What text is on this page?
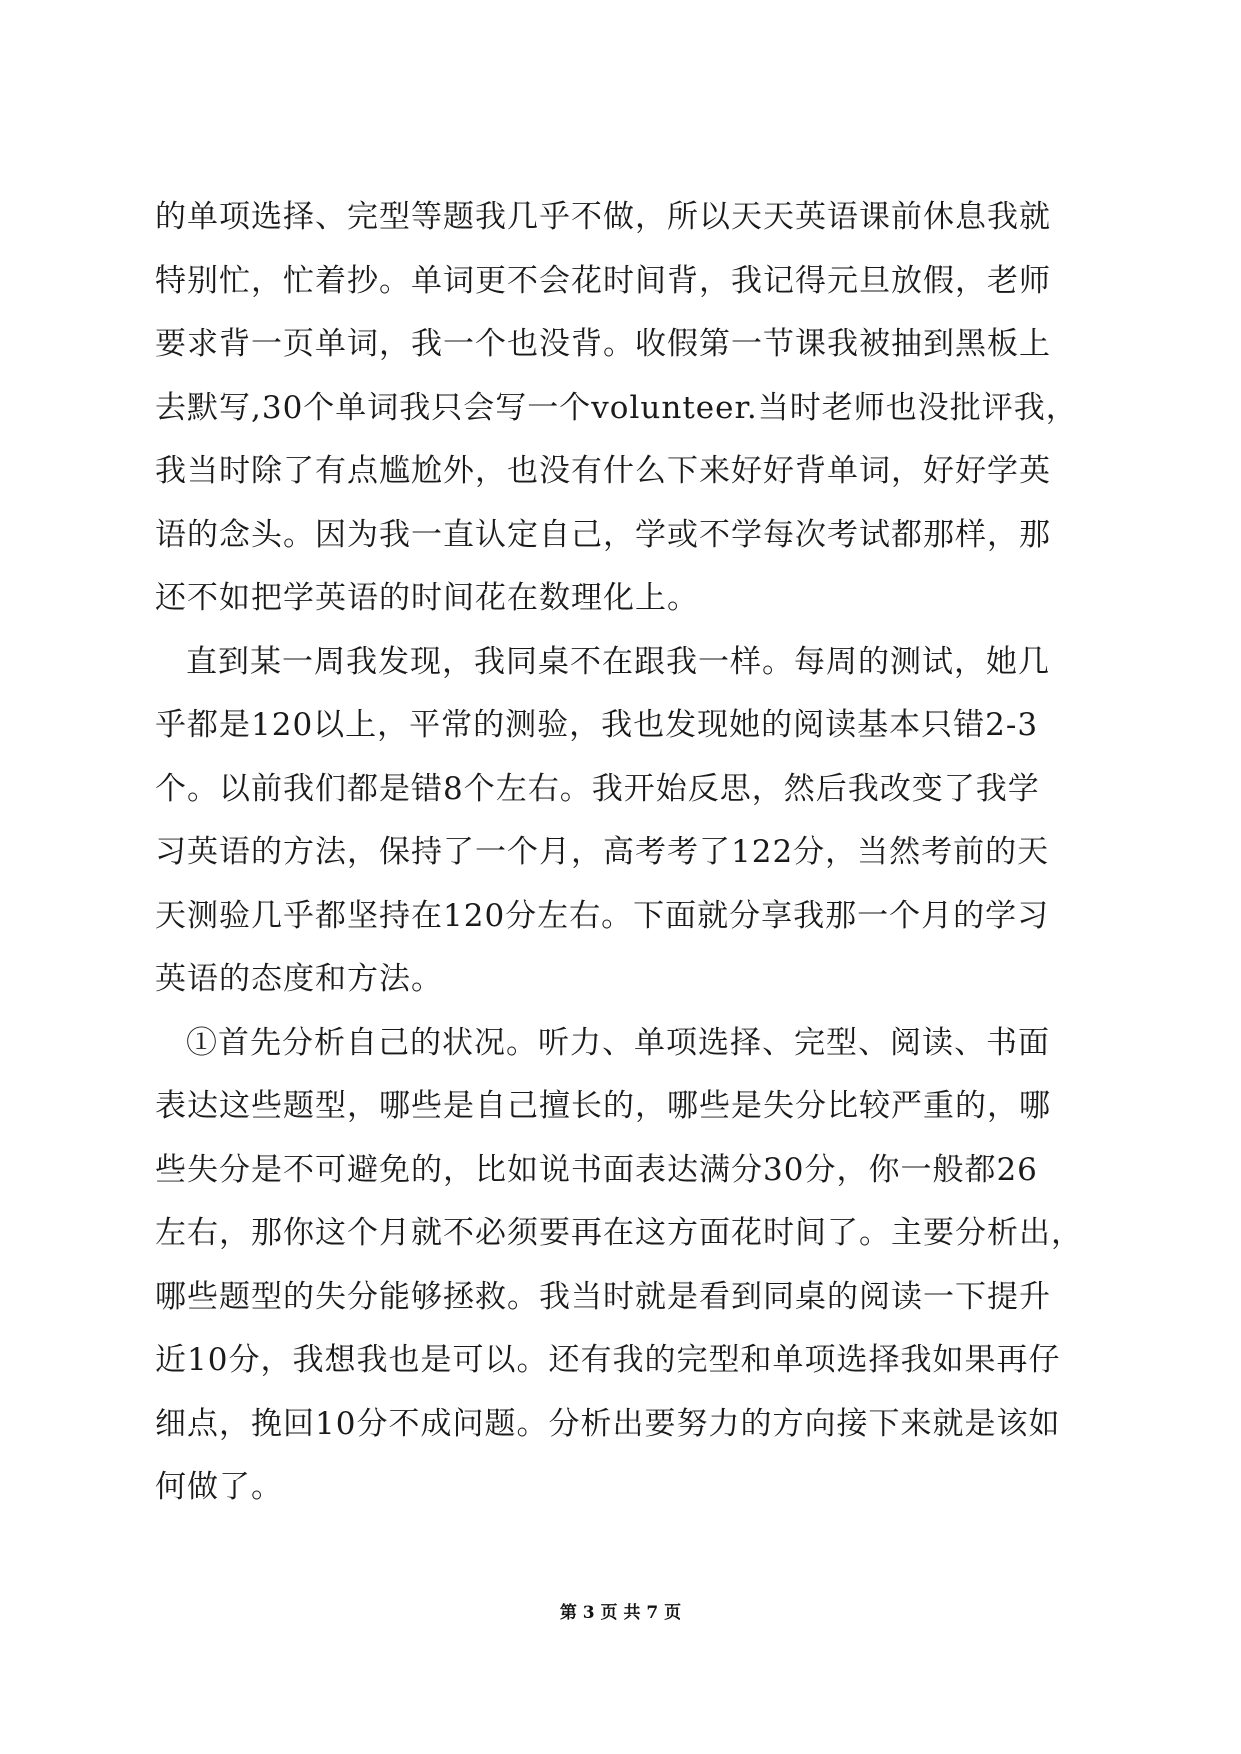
的单项选择、完型等题我几乎不做，所以天天英语课前休息我就
特别忙，忙着抄。单词更不会花时间背，我记得元旦放假，老师
要求背一页单词，我一个也没背。收假第一节课我被抽到黑板上
去默写,30个单词我只会写一个volunteer.当时老师也没批评我，
我当时除了有点尴尬外，也没有什么下来好好背单词，好好学英
语的念头。因为我一直认定自己，学或不学每次考试都那样，那
还不如把学英语的时间花在数理化上。
直到某一周我发现，我同桌不在跟我一样。每周的测试，她几
乎都是120以上，平常的测验，我也发现她的阅读基本只错2-3
个。以前我们都是错8个左右。我开始反思，然后我改变了我学
习英语的方法，保持了一个月，高考考了122分，当然考前的天
天测验几乎都坚持在120分左右。下面就分享我那一个月的学习
英语的态度和方法。
①首先分析自己的状况。听力、单项选择、完型、阅读、书面
表达这些题型，哪些是自己擅长的，哪些是失分比较严重的，哪
些失分是不可避免的，比如说书面表达满分30分，你一般都26
左右，那你这个月就不必须要再在这方面花时间了。主要分析出，
哪些题型的失分能够拯救。我当时就是看到同桌的阅读一下提升
近10分，我想我也是可以。还有我的完型和单项选择我如果再仔
细点，挽回10分不成问题。分析出要努力的方向接下来就是该如
何做了。
第 3 页 共 7 页
